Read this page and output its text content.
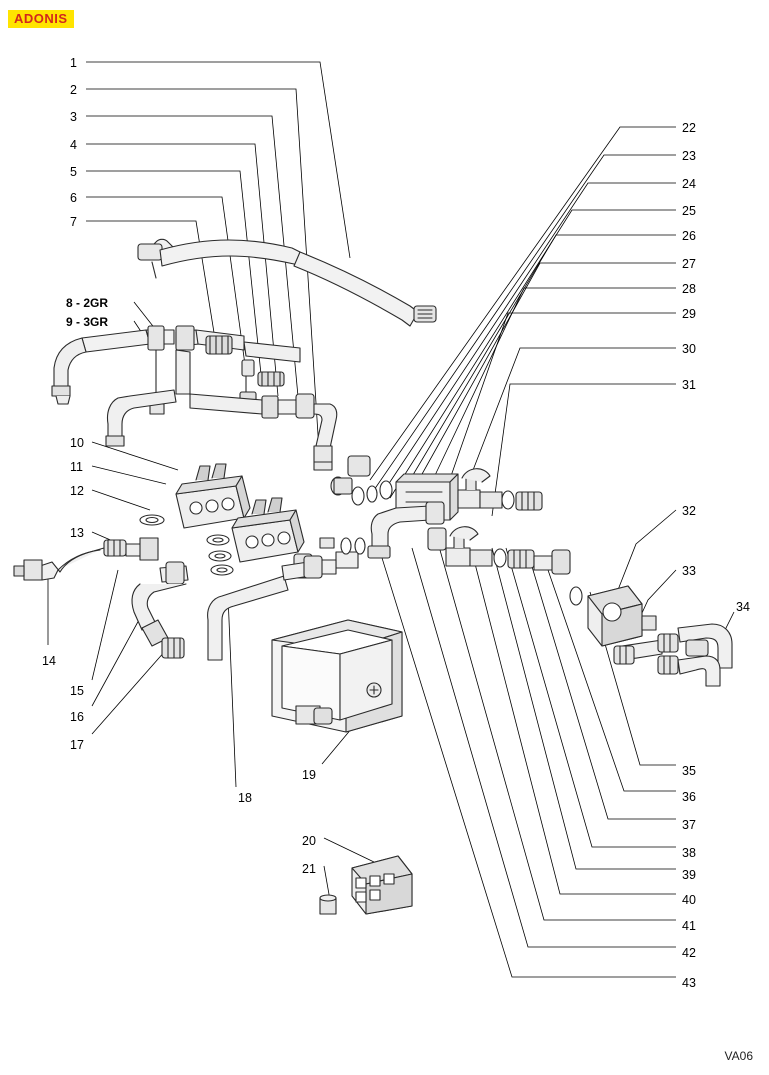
ADONIS
1
2
3
4
5
6
7
8 - 2GR
9 - 3GR
10
11
12
13
14
15
16
17
18
19
20
21
22
23
24
25
26
27
28
29
30
31
32
33
34
35
36
37
38
39
40
41
42
43
VA06
